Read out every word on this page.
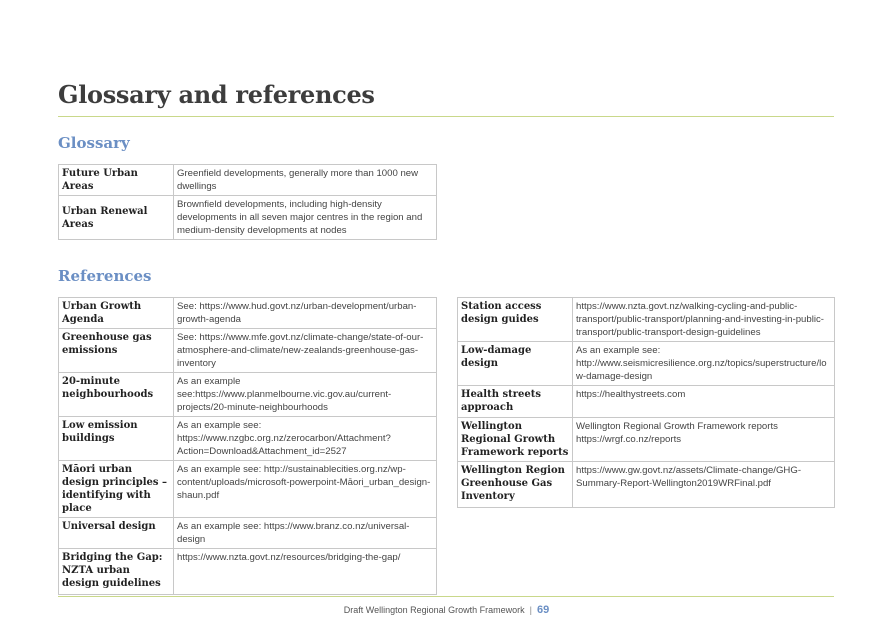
Glossary and references
Glossary
Future Urban Areas	Greenfield developments, generally more than 1000 new dwellings
Urban Renewal Areas	Brownfield developments, including high-density developments in all seven major centres in the region and medium-density developments at nodes
References
Urban Growth Agenda	See: https://www.hud.govt.nz/urban-development/urban-growth-agenda
Greenhouse gas emissions	See: https://www.mfe.govt.nz/climate-change/state-of-our-atmosphere-and-climate/new-zealands-greenhouse-gas-inventory
20-minute neighbourhoods	As an example see:https://www.planmelbourne.vic.gov.au/current-projects/20-minute-neighbourhoods
Low emission buildings	As an example see: https://www.nzgbc.org.nz/zerocarbon/Attachment?Action=Download&Attachment_id=2527
Māori urban design principles – identifying with place	As an example see: http://sustainablecities.org.nz/wp-content/uploads/microsoft-powerpoint-Māori_urban_design-shaun.pdf
Universal design	As an example see: https://www.branz.co.nz/universal-design
Bridging the Gap: NZTA urban design guidelines	https://www.nzta.govt.nz/resources/bridging-the-gap/
Station access design guides	https://www.nzta.govt.nz/walking-cycling-and-public-transport/public-transport/planning-and-investing-in-public-transport/public-transport-design-guidelines
Low-damage design	As an example see: http://www.seismicresilience.org.nz/topics/superstructure/low-damage-design
Health streets approach	https://healthystreets.com
Wellington Regional Growth Framework reports	Wellington Regional Growth Framework reports https://wrgf.co.nz/reports
Wellington Region Greenhouse Gas Inventory	https://www.gw.govt.nz/assets/Climate-change/GHG-Summary-Report-Wellington2019WRFinal.pdf
Draft Wellington Regional Growth Framework | 69
